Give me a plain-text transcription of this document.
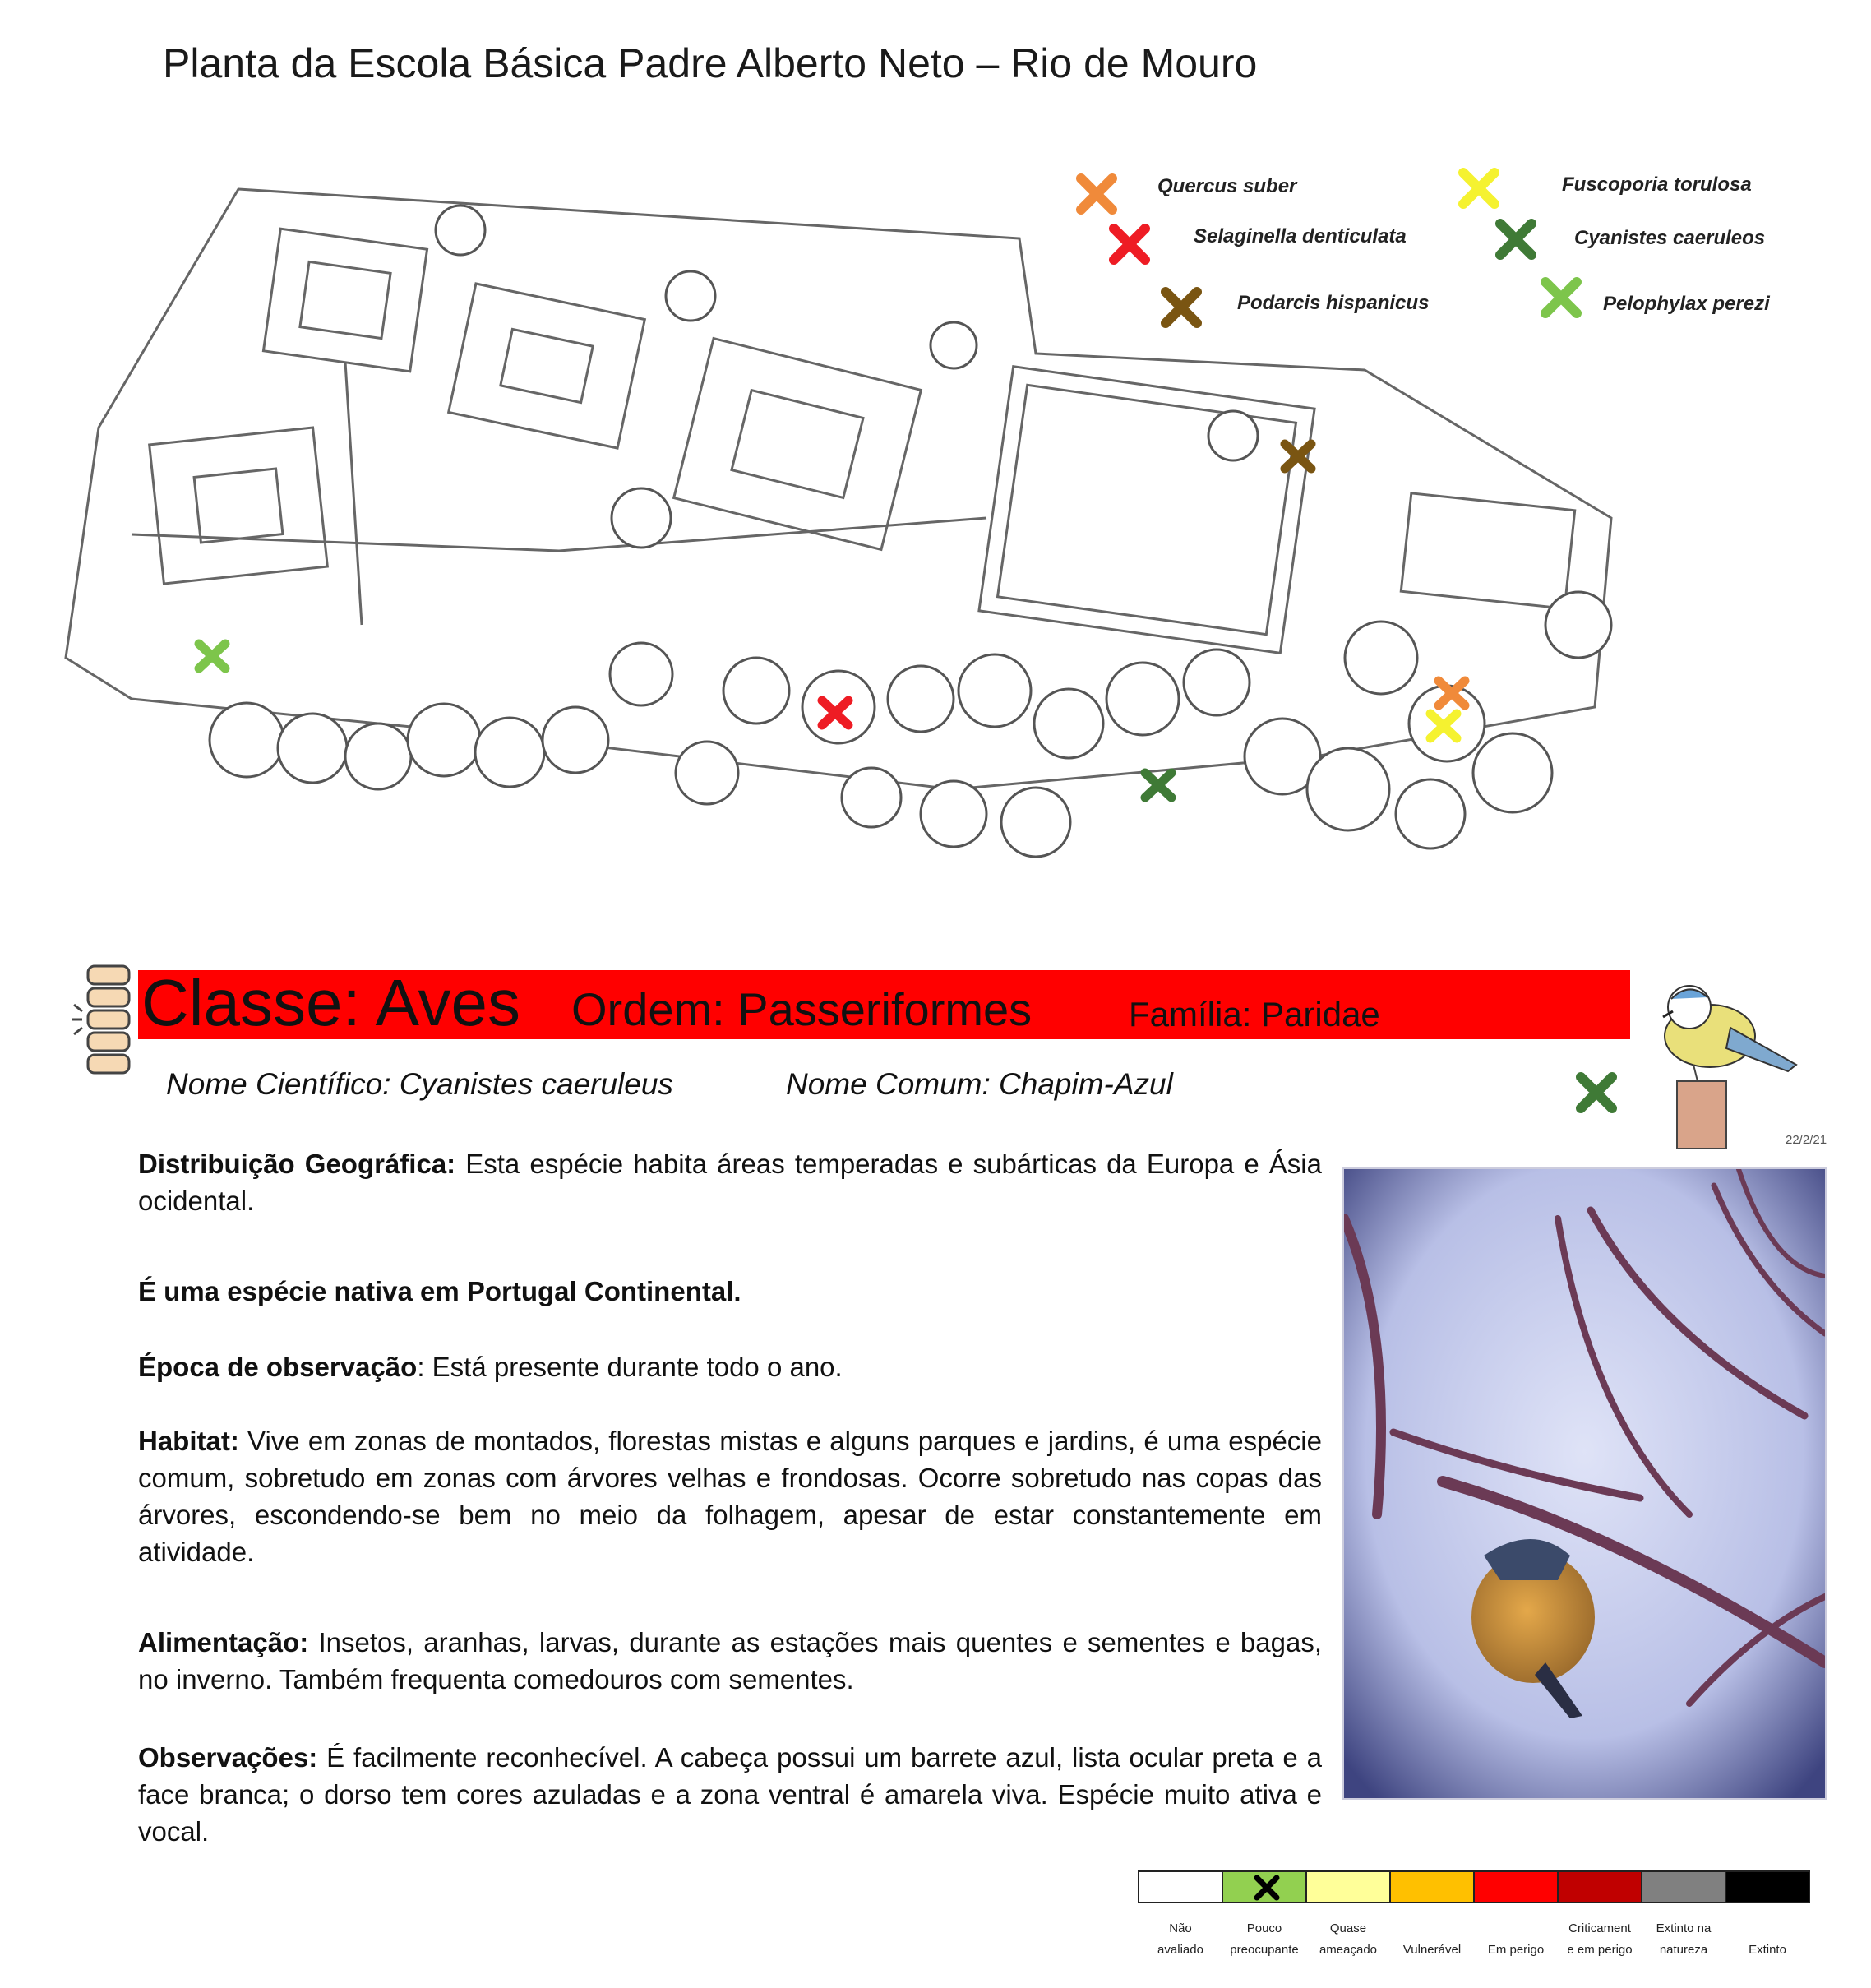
Planta da Escola Básica Padre Alberto Neto – Rio de Mouro
Quercus suber
Selaginella denticulata
Podarcis hispanicus
Fuscoporia torulosa
Cyanistes caeruleos
Pelophylax perezi
Classe: Aves Ordem: Passeriformes	Família: Paridae
Nome Científico: Cyanistes caeruleus	Nome Comum: Chapim-Azul
22/2/21
Distribuição Geográfica: Esta espécie habita áreas temperadas e subárticas da Europa e Ásia ocidental.
É uma espécie nativa em Portugal Continental.
Época de observação: Está presente durante todo o ano.
Habitat: Vive em zonas de montados, florestas mistas e alguns parques e jardins, é uma espécie comum, sobretudo em zonas com árvores velhas e frondosas. Ocorre sobretudo nas copas das árvores, escondendo-se bem no meio da folhagem, apesar de estar constantemente em atividade.
Alimentação: Insetos, aranhas, larvas, durante as estações mais quentes e sementes e bagas, no inverno. Também frequenta comedouros com sementes.
Observações: É facilmente reconhecível. A cabeça possui um barrete azul, lista ocular preta e a face branca; o dorso tem cores azuladas e a zona ventral é amarela viva. Espécie muito ativa e vocal.
Não
avaliado
Pouco
preocupante
Quase
ameaçado
	Vulnerável
	Em perigo
Criticament
e em perigo
Extinto na
natureza
	Extinto
